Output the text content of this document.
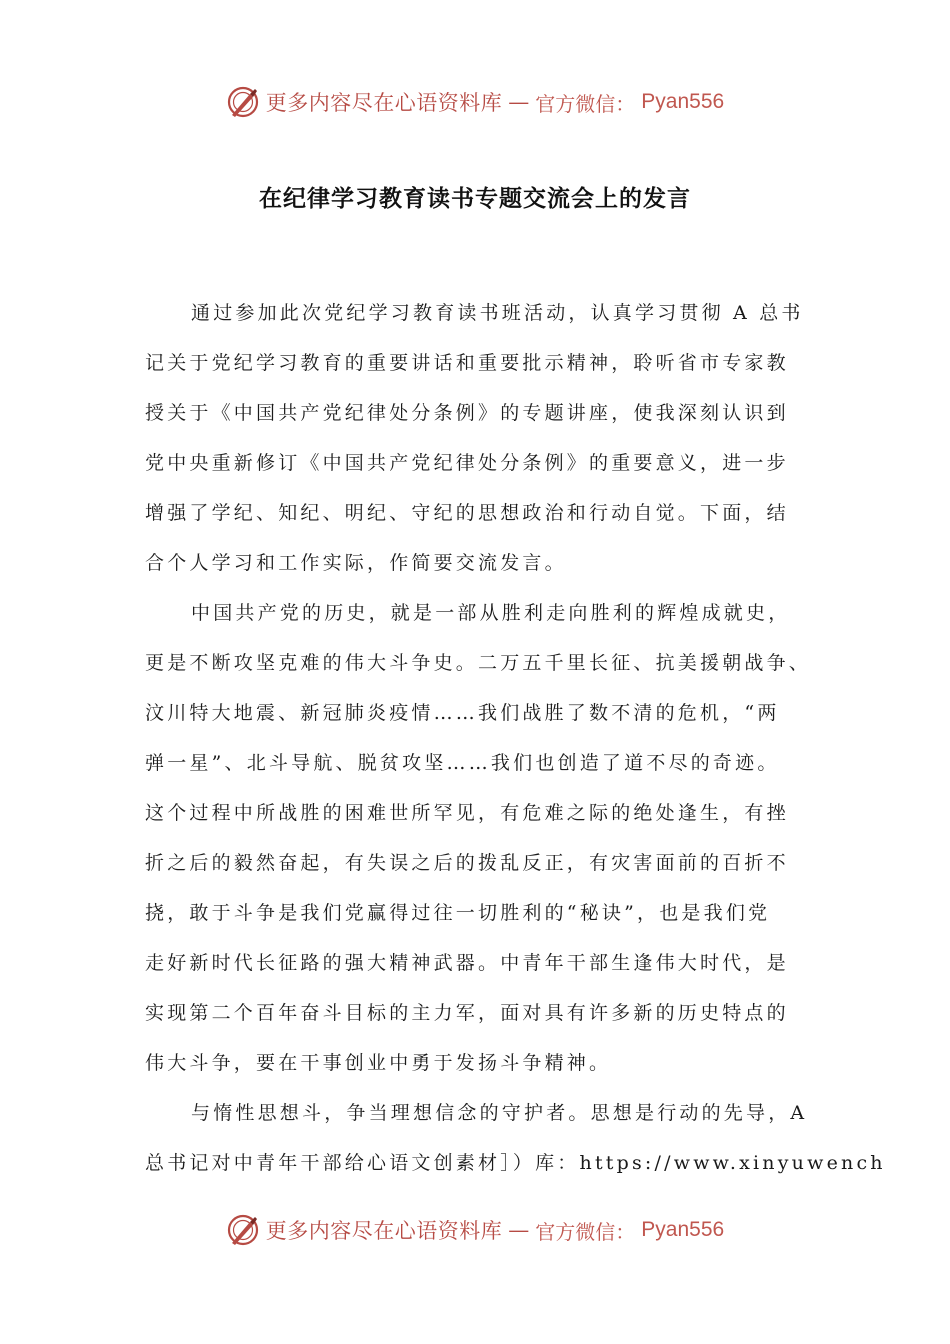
更多内容尽在心语资料库 — 官方微信： Pyan556
在纪律学习教育读书专题交流会上的发言
通过参加此次党纪学习教育读书班活动，认真学习贯彻 A 总书
记关于党纪学习教育的重要讲话和重要批示精神，聆听省市专家教
授关于《中国共产党纪律处分条例》的专题讲座，使我深刻认识到
党中央重新修订《中国共产党纪律处分条例》的重要意义，进一步
增强了学纪、知纪、明纪、守纪的思想政治和行动自觉。下面，结
合个人学习和工作实际，作简要交流发言。
中国共产党的历史，就是一部从胜利走向胜利的辉煌成就史，
更是不断攻坚克难的伟大斗争史。二万五千里长征、抗美援朝战争、
汶川特大地震、新冠肺炎疫情……我们战胜了数不清的危机，“两
弹一星”、北斗导航、脱贫攻坚……我们也创造了道不尽的奇迹。
这个过程中所战胜的困难世所罕见，有危难之际的绝处逢生，有挫
折之后的毅然奋起，有失误之后的拨乱反正，有灾害面前的百折不
挠，敢于斗争是我们党赢得过往一切胜利的“秘诀”，也是我们党
走好新时代长征路的强大精神武器。中青年干部生逢伟大时代，是
实现第二个百年奋斗目标的主力军，面对具有许多新的历史特点的
伟大斗争，要在干事创业中勇于发扬斗争精神。
与惰性思想斗，争当理想信念的守护者。思想是行动的先导，A
总书记对中青年干部给心语文创素材］）库：https://www.xinyuwench
更多内容尽在心语资料库 — 官方微信： Pyan556
